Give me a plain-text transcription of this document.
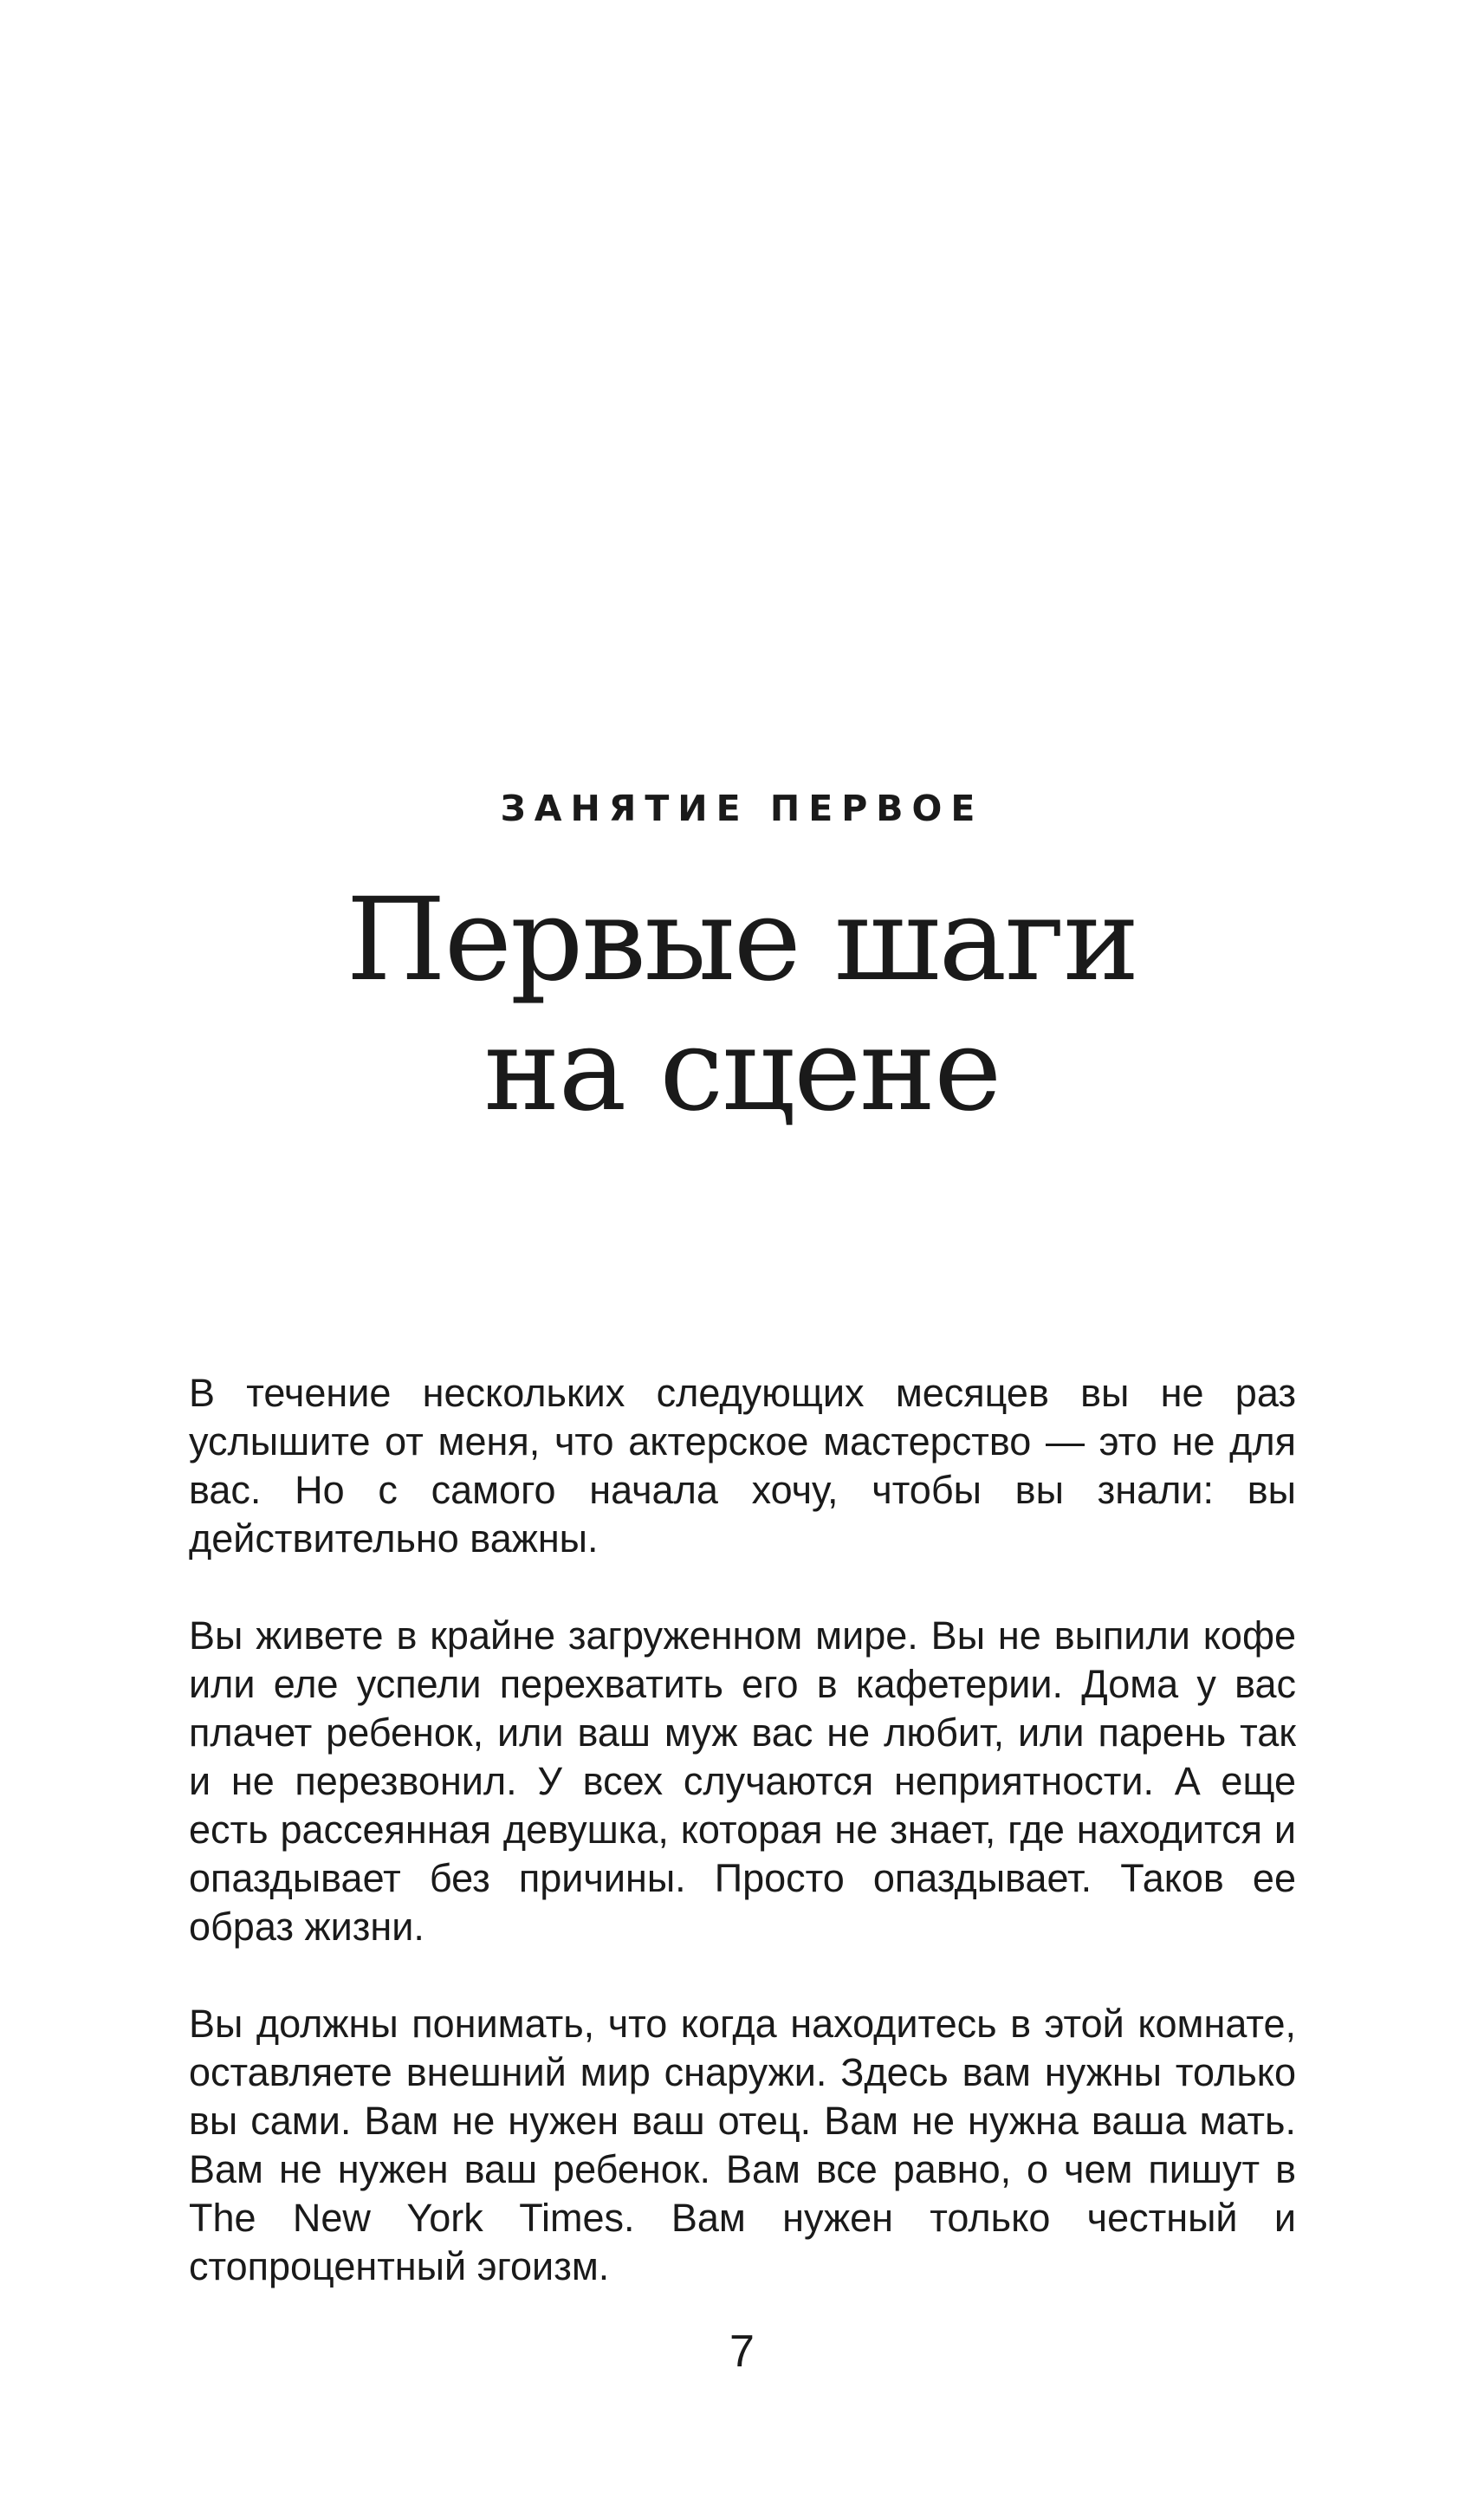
ЗАНЯТИЕ ПЕРВОЕ
Первые шаги
на сцене

В течение нескольких следующих месяцев вы не раз услышите от меня, что актерское мастерство — это не для вас. Но с самого начала хочу, чтобы вы знали: вы действительно важны.

Вы живете в крайне загруженном мире. Вы не выпили кофе или еле успели перехватить его в кафетерии. Дома у вас плачет ребенок, или ваш муж вас не любит, или парень так и не перезвонил. У всех случаются неприятности. А еще есть рассеянная девушка, которая не знает, где находится и опаздывает без причины. Просто опаздывает. Таков ее образ жизни.

Вы должны понимать, что когда находитесь в этой комнате, оставляете внешний мир снаружи. Здесь вам нужны только вы сами. Вам не нужен ваш отец. Вам не нужна ваша мать. Вам не нужен ваш ребенок. Вам все равно, о чем пишут в The New York Times. Вам нужен только честный и стопроцентный эгоизм.

7
